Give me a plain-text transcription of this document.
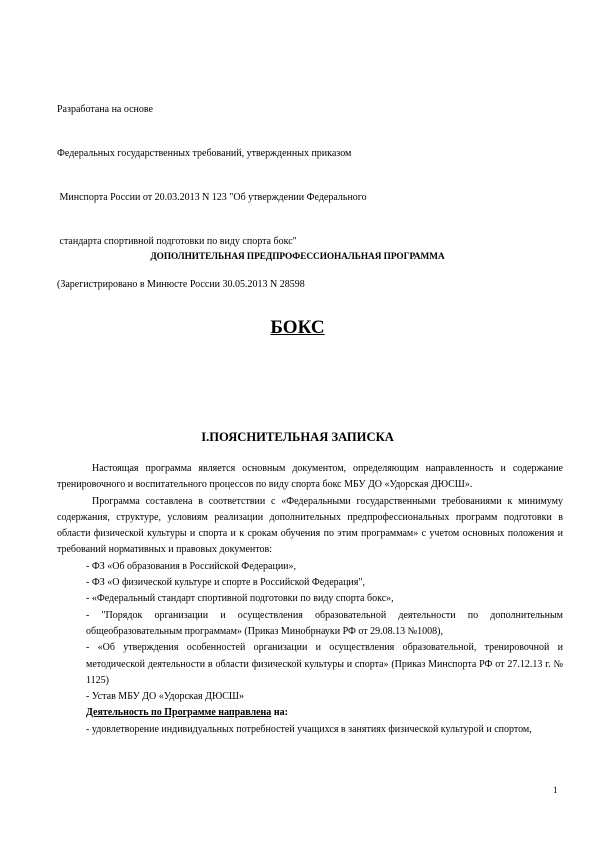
Разработана на основе

Федеральных государственных требований, утвержденных приказом

Минспорта России от 20.03.2013 N 123 "Об утверждении Федерального

стандарта спортивной подготовки по виду спорта бокс"

(Зарегистрировано в Минюсте России 30.05.2013 N 28598

ДОПОЛНИТЕЛЬНАЯ ПРЕДПРОФЕССИОНАЛЬНАЯ ПРОГРАММА
БОКС
I.ПОЯСНИТЕЛЬНАЯ ЗАПИСКА

Настоящая программа является основным документом, определяющим направленность и содержание тренировочного и воспитательного процессов по виду спорта бокс МБУ ДО «Удорская ДЮСШ».

Программа составлена в соответствии с «Федеральными государственными требованиями к минимуму содержания, структуре, условиям реализации дополнительных предпрофессиональных программ подготовки в области физической культуры и спорта и к срокам обучения по этим программам» с учетом основных положения и требований нормативных и правовых документов:

- ФЗ «Об образования в Российской Федерации»,

- ФЗ «О физической культуре и спорте в Российской Федерация",

- «Федеральный стандарт спортивной подготовки по виду спорта бокс»,

- "Порядок организации и осуществления образовательной деятельности по дополнительным общеобразовательным программам» (Приказ Минобрнауки РФ от 29.08.13 №1008),

- «Об утверждения особенностей организации и осуществления образовательной, тренировочной и методической деятельности в области физической культуры и спорта» (Приказ Минспорта РФ от 27.12.13 г. № 1125)

- Устав МБУ ДО «Удорская ДЮСШ»

Деятельность по Программе направлена на:

- удовлетворение индивидуальных потребностей учащихся в занятиях физической культурой и спортом,

1
